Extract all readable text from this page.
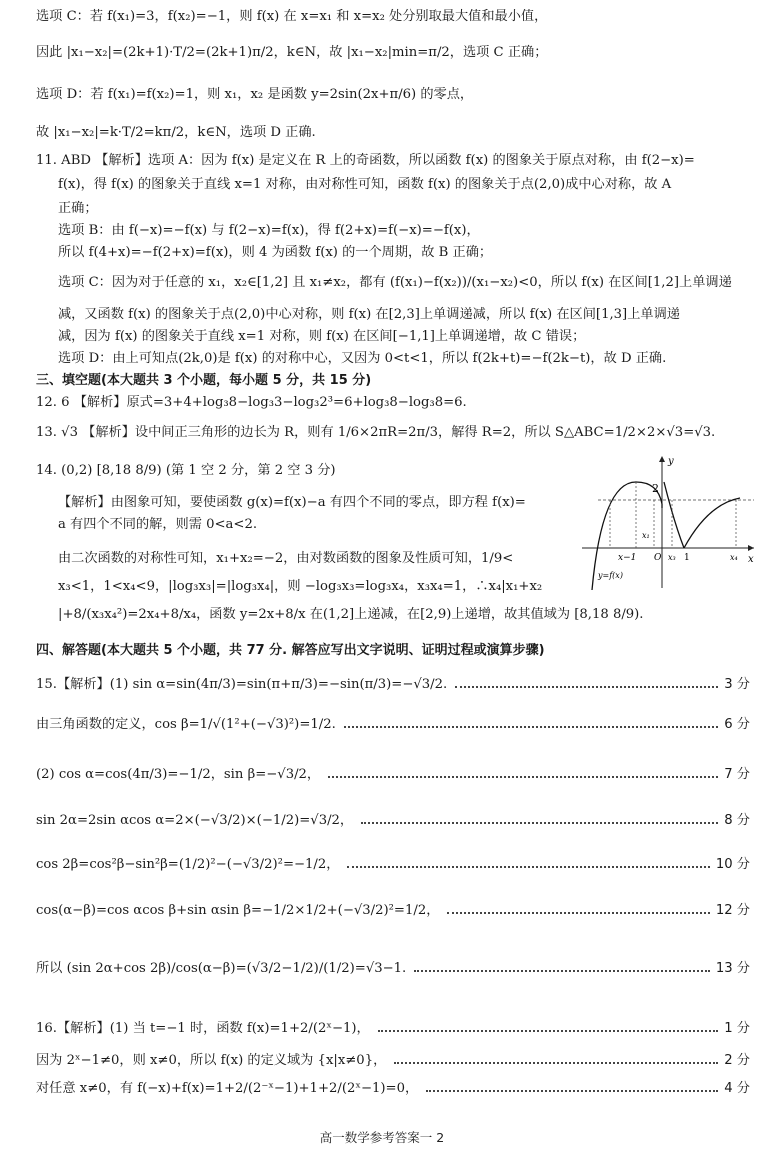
选项 C：若 f(x₁)=3，f(x₂)=−1，则 f(x) 在 x=x₁ 和 x=x₂ 处分别取最大值和最小值，
因此 |x₁−x₂|=(2k+1)·T/2=(2k+1)π/2，k∈N，故 |x₁−x₂|min=π/2，选项 C 正确；
选项 D：若 f(x₁)=f(x₂)=1，则 x₁，x₂ 是函数 y=2sin(2x+π/6) 的零点，
故 |x₁−x₂|=k·T/2=kπ/2，k∈N，选项 D 正确.
11. ABD 【解析】选项 A：因为 f(x) 是定义在 R 上的奇函数，所以函数 f(x) 的图象关于原点对称，由 f(2−x)=
f(x)，得 f(x) 的图象关于直线 x=1 对称，由对称性可知，函数 f(x) 的图象关于点(2,0)成中心对称，故 A
正确；
选项 B：由 f(−x)=−f(x) 与 f(2−x)=f(x)，得 f(2+x)=f(−x)=−f(x)，
所以 f(4+x)=−f(2+x)=f(x)，则 4 为函数 f(x) 的一个周期，故 B 正确；
选项 C：因为对于任意的 x₁，x₂∈[1,2] 且 x₁≠x₂，都有 (f(x₁)−f(x₂))/(x₁−x₂)<0，所以 f(x) 在区间[1,2]上单调递
减，又函数 f(x) 的图象关于点(2,0)中心对称，则 f(x) 在[2,3]上单调递减，所以 f(x) 在区间[1,3]上单调递
减，因为 f(x) 的图象关于直线 x=1 对称，则 f(x) 在区间[−1,1]上单调递增，故 C 错误；
选项 D：由上可知点(2k,0)是 f(x) 的对称中心，又因为 0<t<1，所以 f(2k+t)=−f(2k−t)，故 D 正确.
三、填空题(本大题共 3 个小题，每小题 5 分，共 15 分)
12. 6 【解析】原式=3+4+log₃8−log₃3−log₃2³=6+log₃8−log₃8=6.
13. √3 【解析】设中间正三角形的边长为 R，则有 1/6×2πR=2π/3，解得 R=2，所以 S△ABC=1/2×2×√3=√3.
14. (0,2) [8,18 8/9) (第 1 空 2 分，第 2 空 3 分)
【解析】由图象可知，要使函数 g(x)=f(x)−a 有四个不同的零点，即方程 f(x)=
a 有四个不同的解，则需 0<a<2.
由二次函数的对称性可知，x₁+x₂=−2，由对数函数的图象及性质可知，1/9<
x₃<1，1<x₄<9，|log₃x₃|=|log₃x₄|，则 −log₃x₃=log₃x₄，x₃x₄=1，∴x₄|x₁+x₂
|+8/(x₃x₄²)=2x₄+8/x₄，函数 y=2x+8/x 在(1,2]上递减，在[2,9)上递增，故其值域为 [8,18 8/9).
四、解答题(本大题共 5 个小题，共 77 分. 解答应写出文字说明、证明过程或演算步骤)
15.【解析】(1) sin α=sin(4π/3)=sin(π+π/3)=−sin(π/3)=−√3/2.	3 分
由三角函数的定义，cos β=1/√(1²+(−√3)²)=1/2.	6 分
(2) cos α=cos(4π/3)=−1/2，sin β=−√3/2，	7 分
sin 2α=2sin αcos α=2×(−√3/2)×(−1/2)=√3/2，	8 分
cos 2β=cos²β−sin²β=(1/2)²−(−√3/2)²=−1/2，	10 分
cos(α−β)=cos αcos β+sin αsin β=−1/2×1/2+(−√3/2)²=1/2，	12 分
所以 (sin 2α+cos 2β)/cos(α−β)=(√3/2−1/2)/(1/2)=√3−1.	13 分
16.【解析】(1) 当 t=−1 时，函数 f(x)=1+2/(2ˣ−1)，	1 分
因为 2ˣ−1≠0，则 x≠0，所以 f(x) 的定义域为 {x|x≠0}，	2 分
对任意 x≠0，有 f(−x)+f(x)=1+2/(2⁻ˣ−1)+1+2/(2ˣ−1)=0，	4 分
y
x
2
O
x−1
x₁
x₃ 1	x₄
y=f(x)
高一数学参考答案一 2
